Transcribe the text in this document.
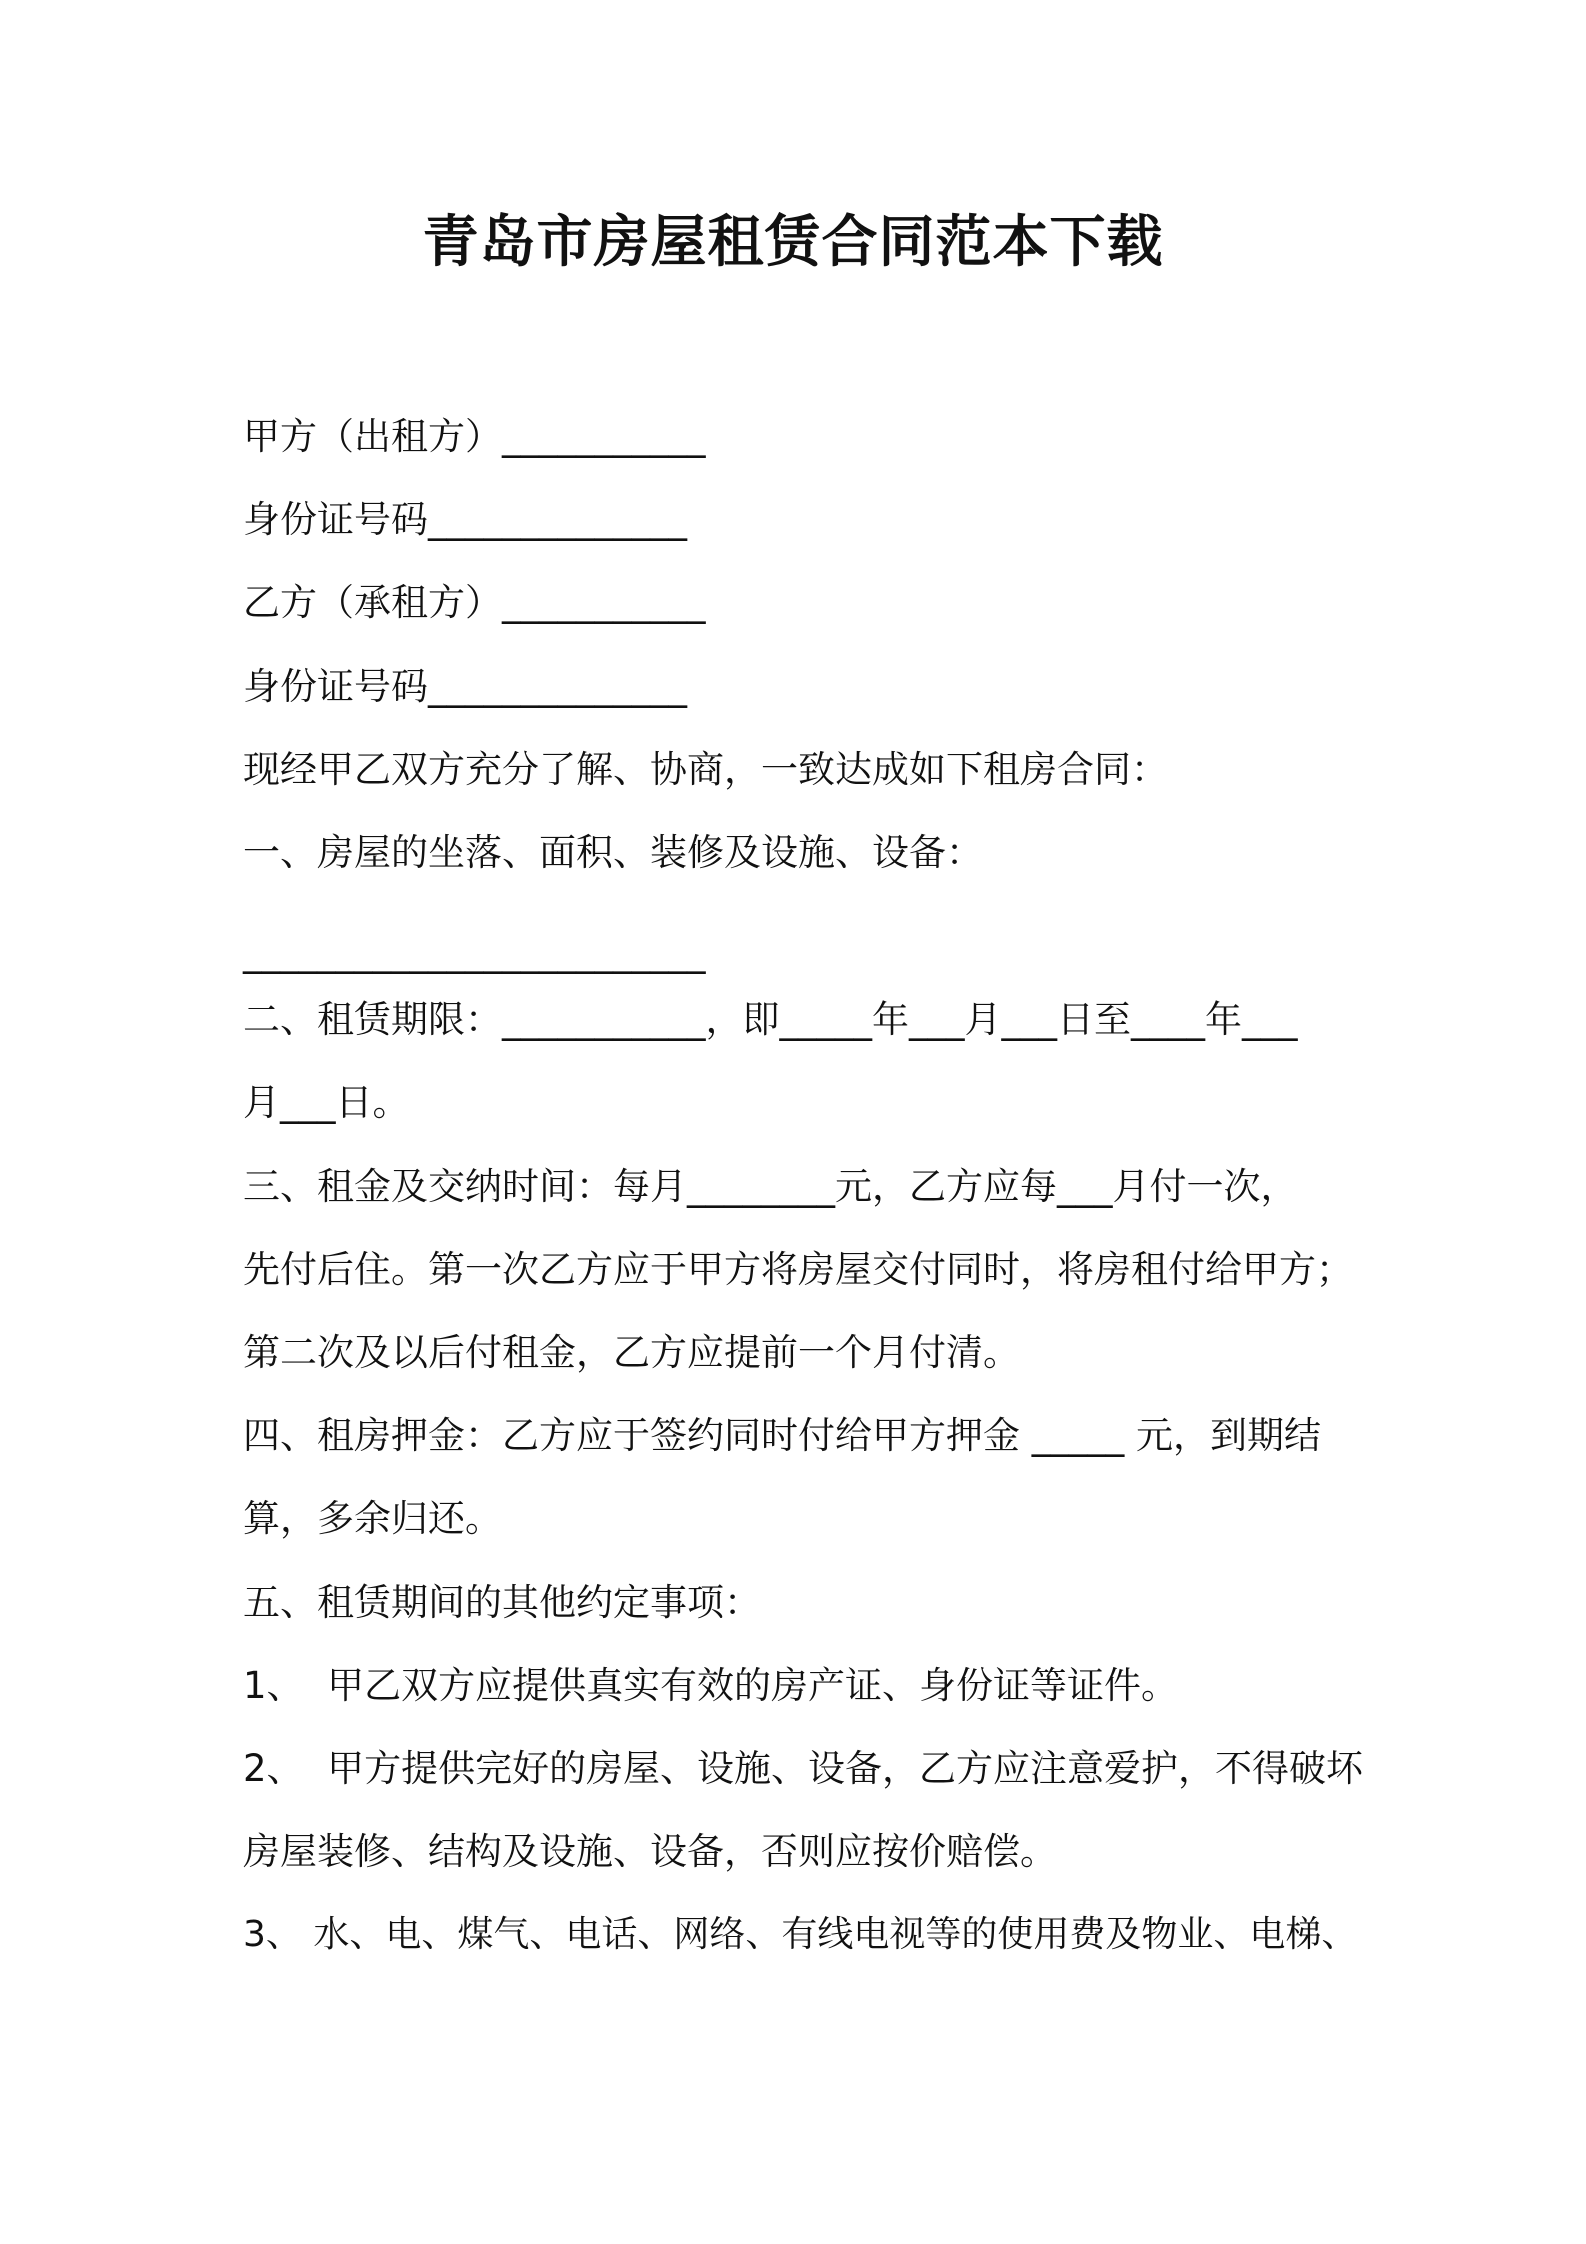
青岛市房屋租赁合同范本下载
甲方（出租方）___________
身份证号码______________
乙方（承租方）___________
身份证号码______________
现经甲乙双方充分了解、协商，一致达成如下租房合同：
一、房屋的坐落、面积、装修及设施、设备：
_________________________
二、租赁期限：___________，即_____年___月___日至____年___
月___日。
三、租金及交纳时间：每月________元，乙方应每___月付一次，
先付后住。第一次乙方应于甲方将房屋交付同时，将房租付给甲方；
第二次及以后付租金，乙方应提前一个月付清。
四、租房押金：乙方应于签约同时付给甲方押金 _____ 元，到期结
算，多余归还。
五、租赁期间的其他约定事项：
1、  甲乙双方应提供真实有效的房产证、身份证等证件。
2、  甲方提供完好的房屋、设施、设备，乙方应注意爱护，不得破坏
房屋装修、结构及设施、设备，否则应按价赔偿。
3、 水、电、煤气、电话、网络、有线电视等的使用费及物业、电梯、
